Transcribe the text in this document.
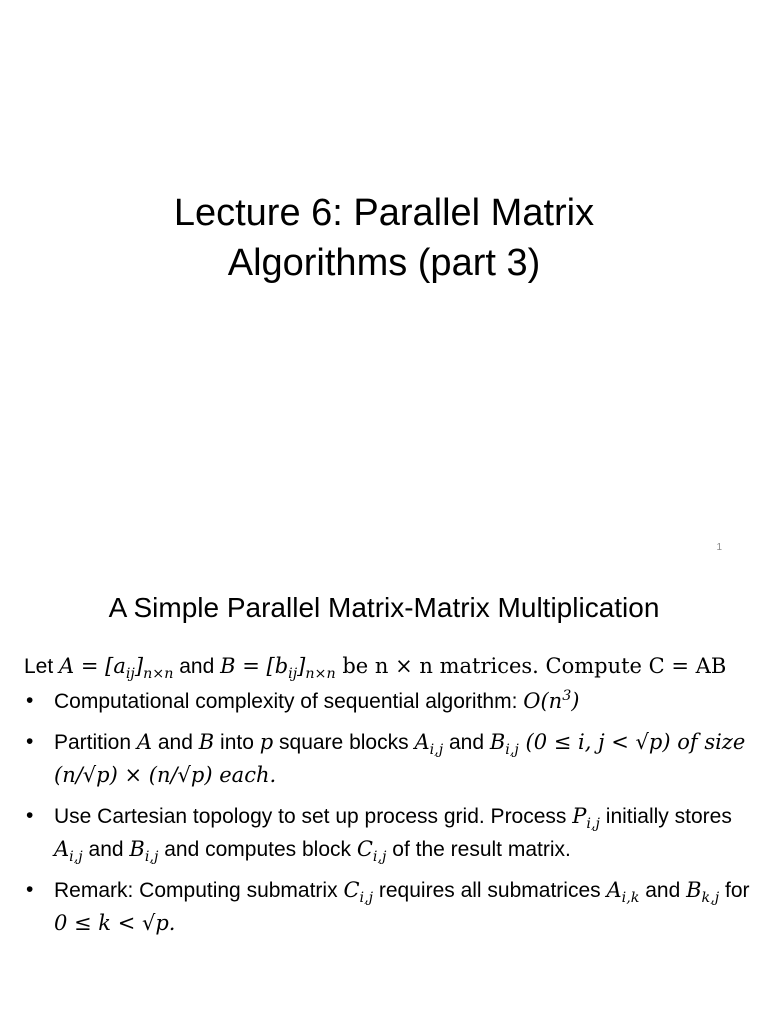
Lecture 6: Parallel Matrix
Algorithms (part 3)
1
A Simple Parallel Matrix-Matrix Multiplication
Let $A = [a_{ij}]_{n\times n}$ and $B = [b_{ij}]_{n\times n}$ be n × n matrices. Compute C = AB
• Computational complexity of sequential algorithm: $O(n^3)$
• Partition A and B into p square blocks $A_{i,j}$ and $B_{i,j}$ (0 ≤ i, j < √p) of size (n/√p) × (n/√p) each.
• Use Cartesian topology to set up process grid. Process $P_{i,j}$ initially stores $A_{i,j}$ and $B_{i,j}$ and computes block $C_{i,j}$ of the result matrix.
• Remark: Computing submatrix $C_{i,j}$ requires all submatrices $A_{i,k}$ and $B_{k,j}$ for 0 ≤ k < √p.
